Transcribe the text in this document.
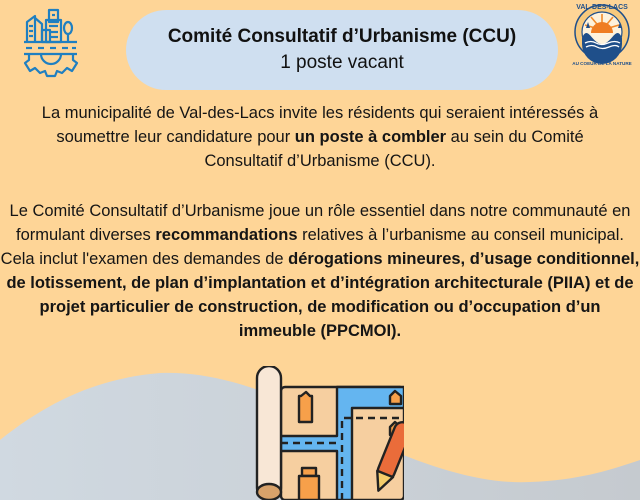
VAL-DES-LACS
AU COEUR DE LA NATURE
Comité Consultatif d’Urbanisme (CCU)
1 poste vacant

La municipalité de Val-des-Lacs invite les résidents qui seraient intéressés à soumettre leur candidature pour un poste à combler au sein du Comité Consultatif d’Urbanisme (CCU).

Le Comité Consultatif d’Urbanisme joue un rôle essentiel dans notre communauté en formulant diverses recommandations relatives à l’urbanisme au conseil municipal. Cela inclut l'examen des demandes de dérogations mineures, d’usage conditionnel, de lotissement, de plan d’implantation et d’intégration architecturale (PIIA) et de projet particulier de construction, de modification ou d’occupation d’un immeuble (PPCMOI).
